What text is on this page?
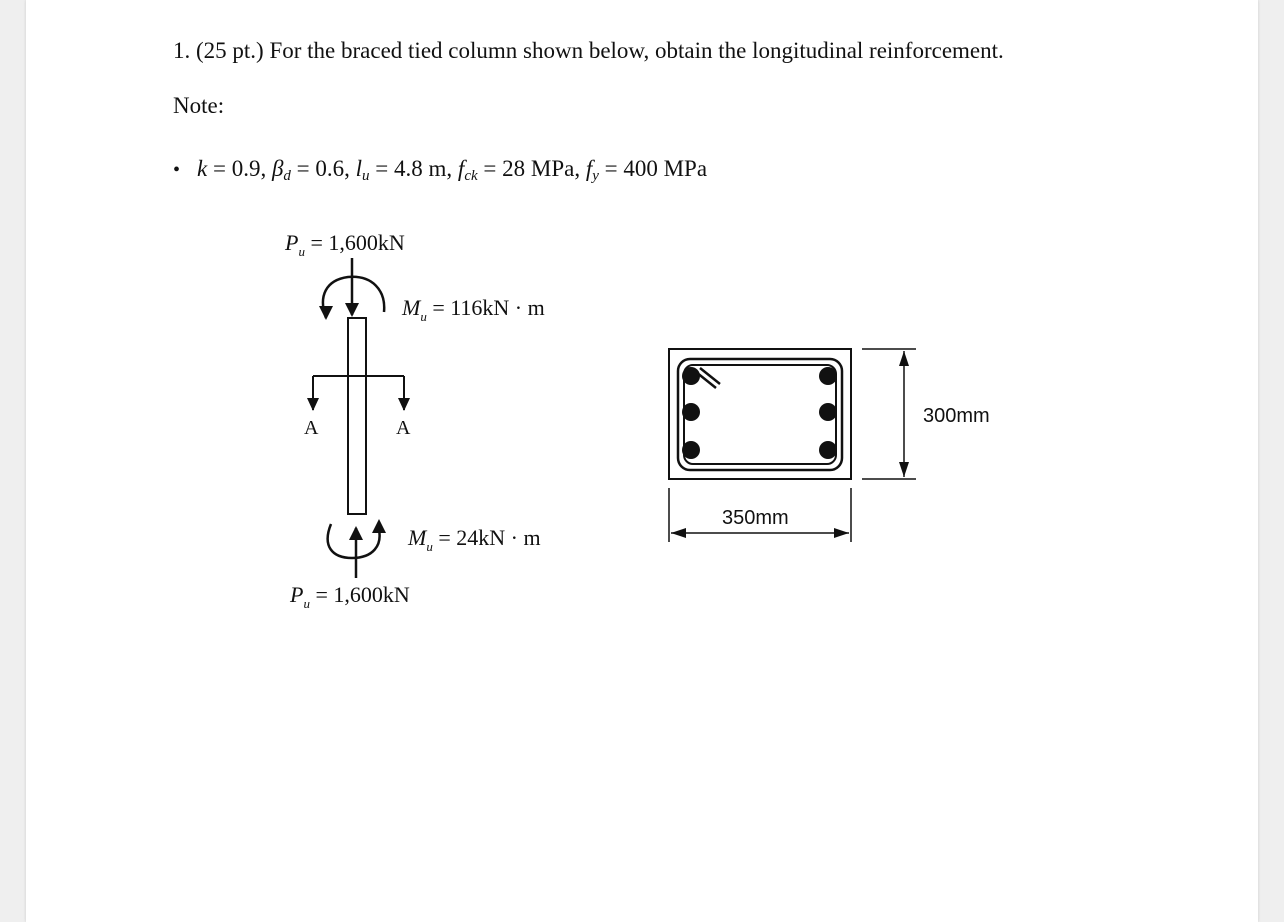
1. (25 pt.) For the braced tied column shown below, obtain the longitudinal reinforcement.
Note:
• k = 0.9, $\beta_d = 0.6$, $l_u = 4.8$ m, $f_{ck} = 28$ MPa, $f_y = 400$ MPa
$P_u = 1,600kN$
$M_u = 116kN \cdot m$
A	A
$M_u = 24kN \cdot m$
$P_u = 1,600kN$
350mm
300mm
